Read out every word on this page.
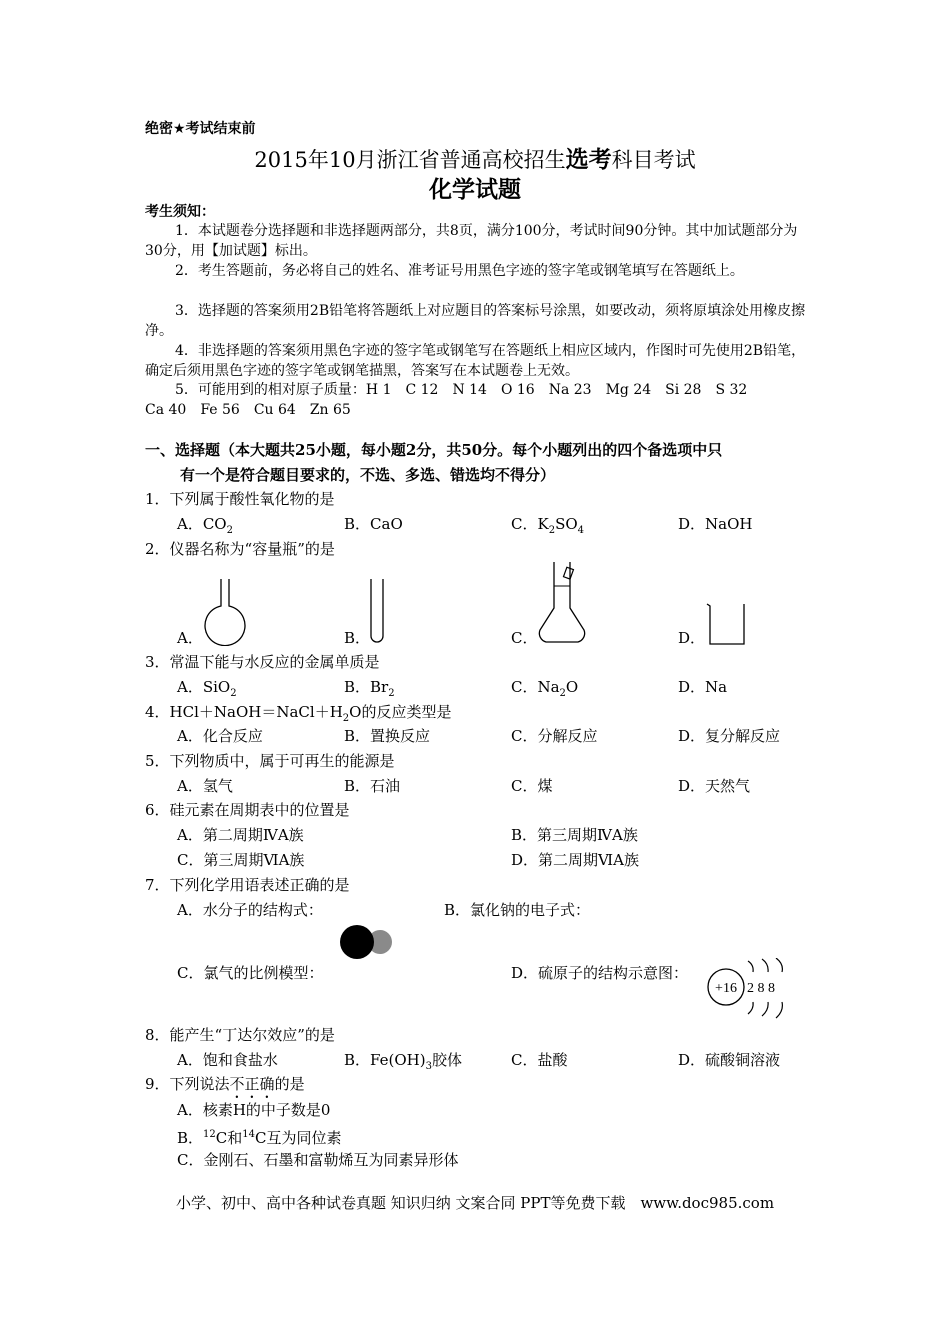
绝密★考试结束前
2015年10月浙江省普通高校招生选考科目考试
化学试题
考生须知：
1．本试题卷分选择题和非选择题两部分，共8页，满分100分，考试时间90分钟。其中加试题部分为30分，用【加试题】标出。
2．考生答题前，务必将自己的姓名、准考证号用黑色字迹的签字笔或钢笔填写在答题纸上。
3．选择题的答案须用2B铅笔将答题纸上对应题目的答案标号涂黑，如要改动，须将原填涂处用橡皮擦净。
4．非选择题的答案须用黑色字迹的签字笔或钢笔写在答题纸上相应区域内，作图时可先使用2B铅笔，确定后须用黑色字迹的签字笔或钢笔描黑，答案写在本试题卷上无效。
5．可能用到的相对原子质量：H 1　C 12　N 14　O 16　Na 23　Mg 24　Si 28　S 32
Ca 40　Fe 56　Cu 64　Zn 65
一、选择题（本大题共25小题，每小题2分，共50分。每个小题列出的四个备选项中只
有一个是符合题目要求的，不选、多选、错选均不得分）
1．下列属于酸性氧化物的是
A．$CO_2$	B．CaO	C．$K_2SO_4$	D．NaOH
2．仪器名称为“容量瓶”的是
A．	B．	C．	D．
3．常温下能与水反应的金属单质是
A．SiO$_2$	B．$Br_2$	C．$Na_2O$	D．Na
4．$HCl+NaOH=NaCl+H_2O$的反应类型是
A．化合反应	B．置换反应	C．分解反应	D．复分解反应
5．下列物质中，属于可再生的能源是
A．氢气	B．石油	C．煤	D．天然气
6．硅元素在周期表中的位置是
A．第二周期ⅣA族	B．第三周期ⅣA族
C．第三周期ⅥA族	D．第二周期ⅥA族
7．下列化学用语表述正确的是
A．水分子的结构式：	B．氯化钠的电子式：
C．氯气的比例模型：	D．硫原子的结构示意图：
+16 2 8 8
8．能产生“丁达尔效应”的是
A．饱和食盐水	B．$Fe(OH)_3$胶体	C．盐酸	D．硫酸铜溶液
9．下列说法不正确的是
A．核素H的中子数是0
B．$^{12}$C和$^{14}$C互为同位素
C．金刚石、石墨和富勒烯互为同素异形体
小学、初中、高中各种试卷真题 知识归纳 文案合同 PPT等免费下载　www.doc985.com
